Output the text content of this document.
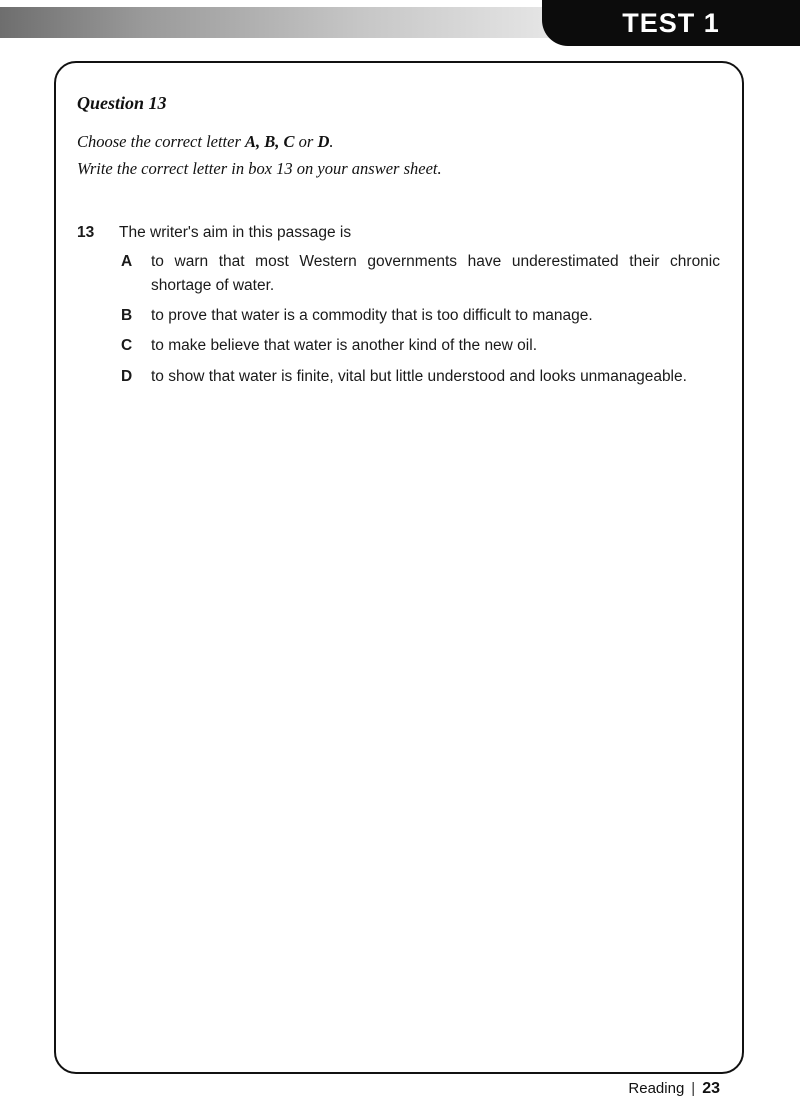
TEST 1
Question 13
Choose the correct letter A, B, C or D.
Write the correct letter in box 13 on your answer sheet.
13	The writer's aim in this passage is
A	to warn that most Western governments have underestimated their chronic shortage of water.
B	to prove that water is a commodity that is too difficult to manage.
C	to make believe that water is another kind of the new oil.
D	to show that water is finite, vital but little understood and looks unmanageable.
Reading | 23
